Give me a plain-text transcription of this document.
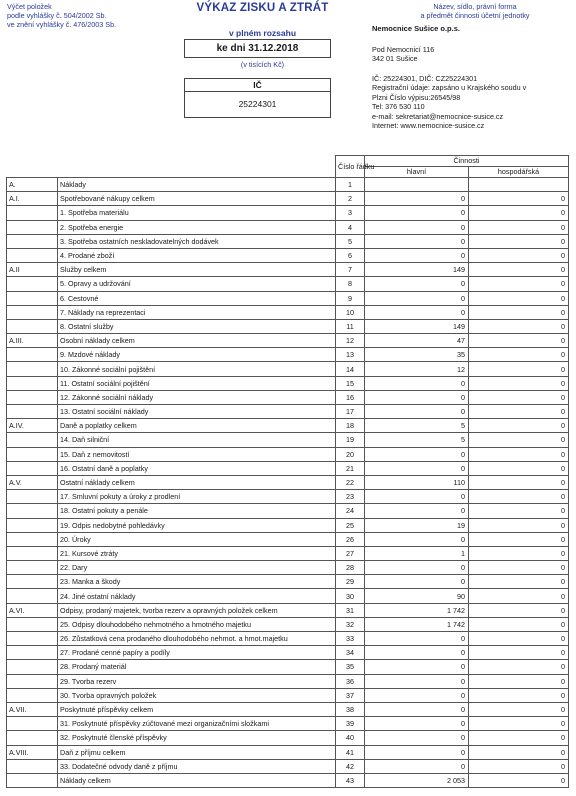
Výčet položek
podle vyhlášky č. 504/2002 Sb.
ve znění vyhlášky č. 476/2003 Sb.
VÝKAZ ZISKU A ZTRÁT
v plném rozsahu
ke dni 31.12.2018
(v tisících Kč)
IČ
25224301
Název, sídlo, právní forma
a předmět činnosti účetní jednotky
Nemocnice Sušice o.p.s.
Pod Nemocnicí 116
342 01 Sušice
IČ: 25224301, DIČ: CZ25224301
Registrační údaje: zapsáno u Krajského soudu v
Plzni Číslo výpisu:26545/98
Tel: 376 530 110
e-mail: sekretariat@nemocnice-susice.cz
Internet: www.nemocnice-susice.cz
		Číslo řádku	Činnosti	
			hlavní	hospodářská
A.	Náklady	1		
A.I.	Spotřebované nákupy celkem	2	0	0
	1. Spotřeba materiálu	3	0	0
	2. Spotřeba energie	4	0	0
	3. Spotřeba ostatních neskladovatelných dodávek	5	0	0
	4. Prodané zboží	6	0	0
A.II	Služby celkem	7	149	0
	5. Opravy a udržování	8	0	0
	6. Cestovné	9	0	0
	7. Náklady na reprezentaci	10	0	0
	8. Ostatní služby	11	149	0
A.III.	Osobní náklady celkem	12	47	0
	9. Mzdové náklady	13	35	0
	10. Zákonné sociální pojištění	14	12	0
	11. Ostatní sociální pojištění	15	0	0
	12. Zákonné sociální náklady	16	0	0
	13. Ostatní sociální náklady	17	0	0
A.IV.	Daně a poplatky celkem	18	5	0
	14. Daň silniční	19	5	0
	15. Daň z nemovitostí	20	0	0
	16. Ostatní daně a poplatky	21	0	0
A.V.	Ostatní náklady celkem	22	110	0
	17. Smluvní pokuty a úroky z prodlení	23	0	0
	18. Ostatní pokuty a penále	24	0	0
	19. Odpis nedobytné pohledávky	25	19	0
	20. Úroky	26	0	0
	21. Kursové ztráty	27	1	0
	22. Dary	28	0	0
	23. Manka a škody	29	0	0
	24. Jiné ostatní náklady	30	90	0
A.VI.	Odpisy, prodaný majetek, tvorba rezerv a opravných položek celkem	31	1 742	0
	25. Odpisy dlouhodobého nehmotného a hmotného majetku	32	1 742	0
	26. Zůstatková cena prodaného dlouhodobého nehmot. a hmot.majetku	33	0	0
	27. Prodané cenné papíry a podíly	34	0	0
	28. Prodaný materiál	35	0	0
	29. Tvorba rezerv	36	0	0
	30. Tvorba opravných položek	37	0	0
A.VII.	Poskytnuté příspěvky celkem	38	0	0
	31. Poskytnuté příspěvky zúčtované mezi organizačními složkami	39	0	0
	32. Poskytnuté členské příspěvky	40	0	0
A.VIII.	Daň z příjmu celkem	41	0	0
	33. Dodatečné odvody daně z příjmu	42	0	0
	Náklady celkem	43	2 053	0
